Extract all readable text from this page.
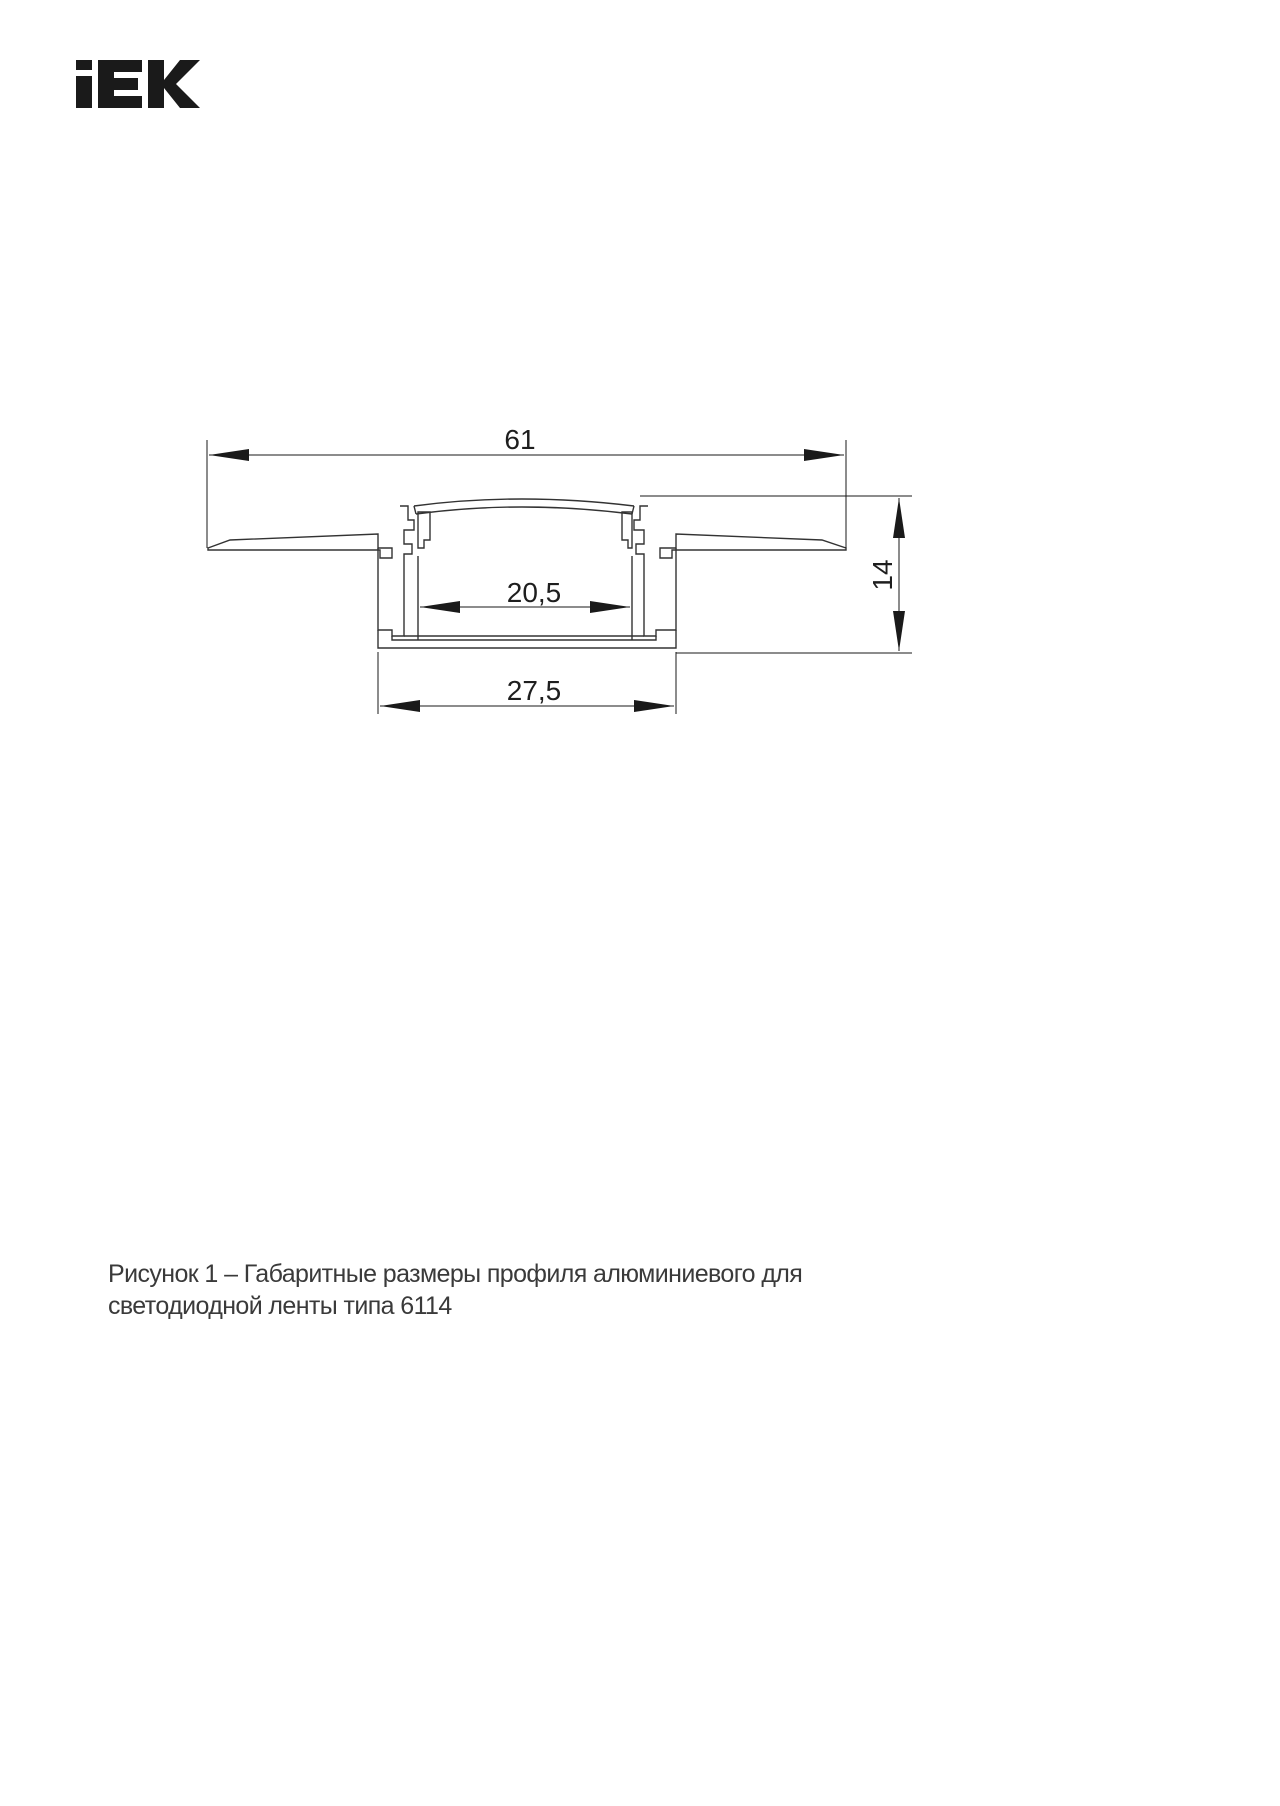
61
20,5
27,5
14
Рисунок 1 – Габаритные размеры профиля алюминиевого для
светодиодной ленты типа 6114
